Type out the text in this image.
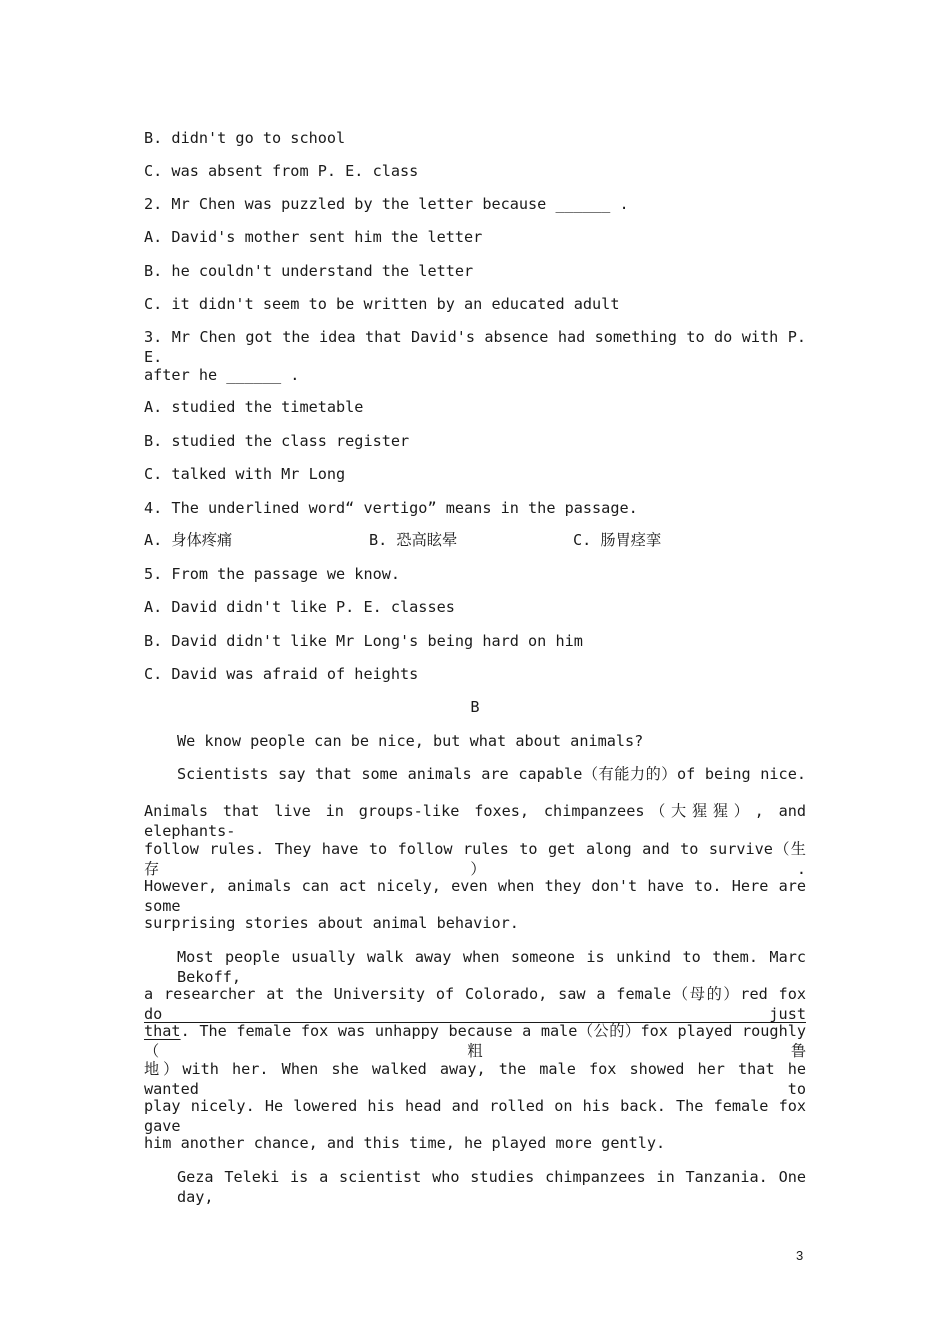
B. didn't go to school
C. was absent from P. E. class
2. Mr Chen was puzzled by the letter because ______ .
A. David's mother sent him the letter
B. he couldn't understand the letter
C. it didn't seem to be written by an educated adult
3. Mr Chen got the idea that David's absence had something to do with P. E.
after he ______ .
A. studied the timetable
B. studied the class register
C. talked with Mr Long
4. The underlined word“ vertigo” means in the passage.
A. 身体疼痛	B. 恐高眩晕	C. 肠胃痉挛
5. From the passage we know.
A. David didn't like P. E. classes
B. David didn't like Mr Long's being hard on him
C. David was afraid of heights
B
We know people can be nice, but what about animals?
Scientists say that some animals are capable（有能力的）of being nice.
Animals that live in groups-like foxes, chimpanzees（大猩猩）, and elephants-
follow rules. They have to follow rules to get along and to survive（生存）.
However, animals can act nicely, even when they don't have to. Here are some
surprising stories about animal behavior.
Most people usually walk away when someone is unkind to them. Marc Bekoff,
a researcher at the University of Colorado, saw a female（母的）red fox do just
that. The female fox was unhappy because a male（公的）fox played roughly（粗鲁
地）with her. When she walked away, the male fox showed her that he wanted to
play nicely. He lowered his head and rolled on his back. The female fox gave
him another chance, and this time, he played more gently.
Geza Teleki is a scientist who studies chimpanzees in Tanzania. One day,
3
